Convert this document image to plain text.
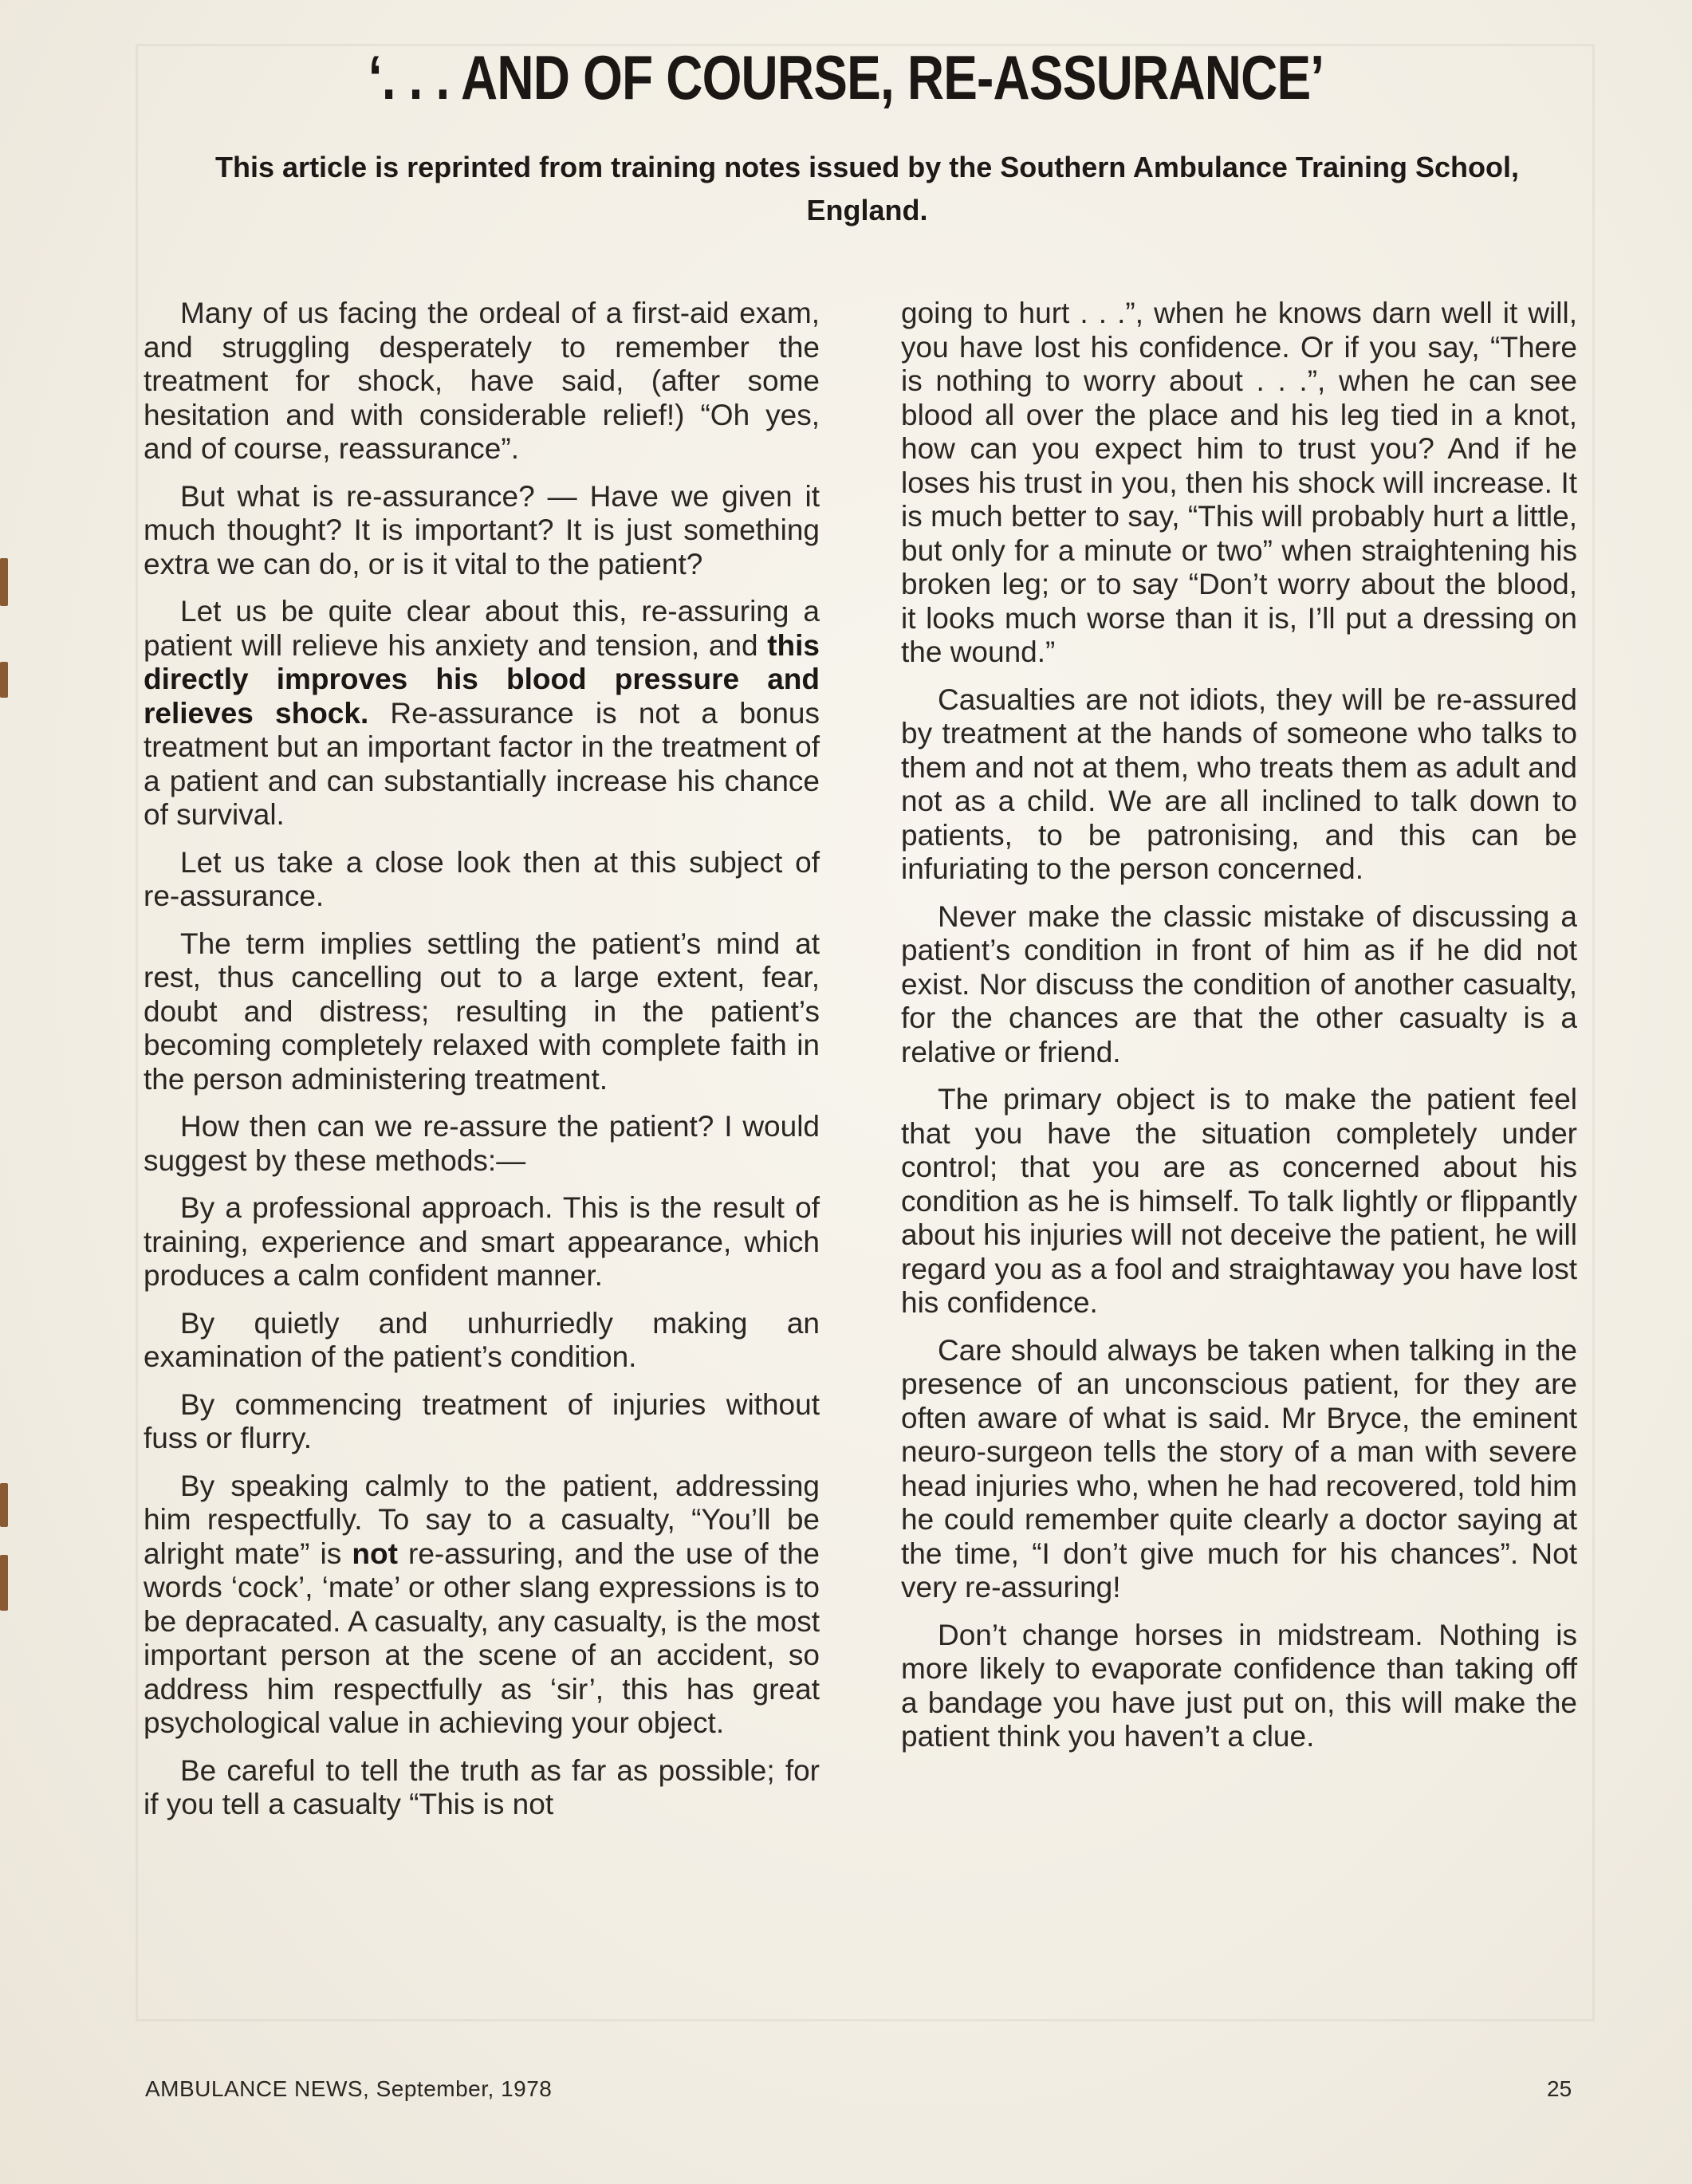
‘. . . AND OF COURSE, RE-ASSURANCE’
This article is reprinted from training notes issued by the Southern Ambulance Training School, England.

Many of us facing the ordeal of a first-aid exam, and struggling desperately to remember the treatment for shock, have said, (after some hesitation and with considerable relief!) “Oh yes, and of course, reassurance”.

But what is re-assurance? — Have we given it much thought? It is important? It is just something extra we can do, or is it vital to the patient?

Let us be quite clear about this, re-assuring a patient will relieve his anxiety and tension, and this directly improves his blood pressure and relieves shock. Re-assurance is not a bonus treatment but an important factor in the treatment of a patient and can substantially increase his chance of survival.

Let us take a close look then at this subject of re-assurance.

The term implies settling the patient’s mind at rest, thus cancelling out to a large extent, fear, doubt and distress; resulting in the patient’s becoming completely relaxed with complete faith in the person administering treatment.

How then can we re-assure the patient? I would suggest by these methods:—

By a professional approach. This is the result of training, experience and smart appearance, which produces a calm confident manner.

By quietly and unhurriedly making an examination of the patient’s condition.

By commencing treatment of injuries without fuss or flurry.

By speaking calmly to the patient, addressing him respectfully. To say to a casualty, “You’ll be alright mate” is not re-assuring, and the use of the words ‘cock’, ‘mate’ or other slang expressions is to be depracated. A casualty, any casualty, is the most important person at the scene of an accident, so address him respectfully as ‘sir’, this has great psychological value in achieving your object.

Be careful to tell the truth as far as possible; for if you tell a casualty “This is not

going to hurt . . .”, when he knows darn well it will, you have lost his confidence. Or if you say, “There is nothing to worry about . . .”, when he can see blood all over the place and his leg tied in a knot, how can you expect him to trust you? And if he loses his trust in you, then his shock will increase. It is much better to say, “This will probably hurt a little, but only for a minute or two” when straightening his broken leg; or to say “Don’t worry about the blood, it looks much worse than it is, I’ll put a dressing on the wound.”

Casualties are not idiots, they will be re-assured by treatment at the hands of someone who talks to them and not at them, who treats them as adult and not as a child. We are all inclined to talk down to patients, to be patronising, and this can be infuriating to the person concerned.

Never make the classic mistake of discussing a patient’s condition in front of him as if he did not exist. Nor discuss the condition of another casualty, for the chances are that the other casualty is a relative or friend.

The primary object is to make the patient feel that you have the situation completely under control; that you are as concerned about his condition as he is himself. To talk lightly or flippantly about his injuries will not deceive the patient, he will regard you as a fool and straightaway you have lost his confidence.

Care should always be taken when talking in the presence of an unconscious patient, for they are often aware of what is said. Mr Bryce, the eminent neuro-surgeon tells the story of a man with severe head injuries who, when he had recovered, told him he could remember quite clearly a doctor saying at the time, “I don’t give much for his chances”. Not very re-assuring!

Don’t change horses in midstream. Nothing is more likely to evaporate confidence than taking off a bandage you have just put on, this will make the patient think you haven’t a clue.

AMBULANCE NEWS, September, 1978	25
